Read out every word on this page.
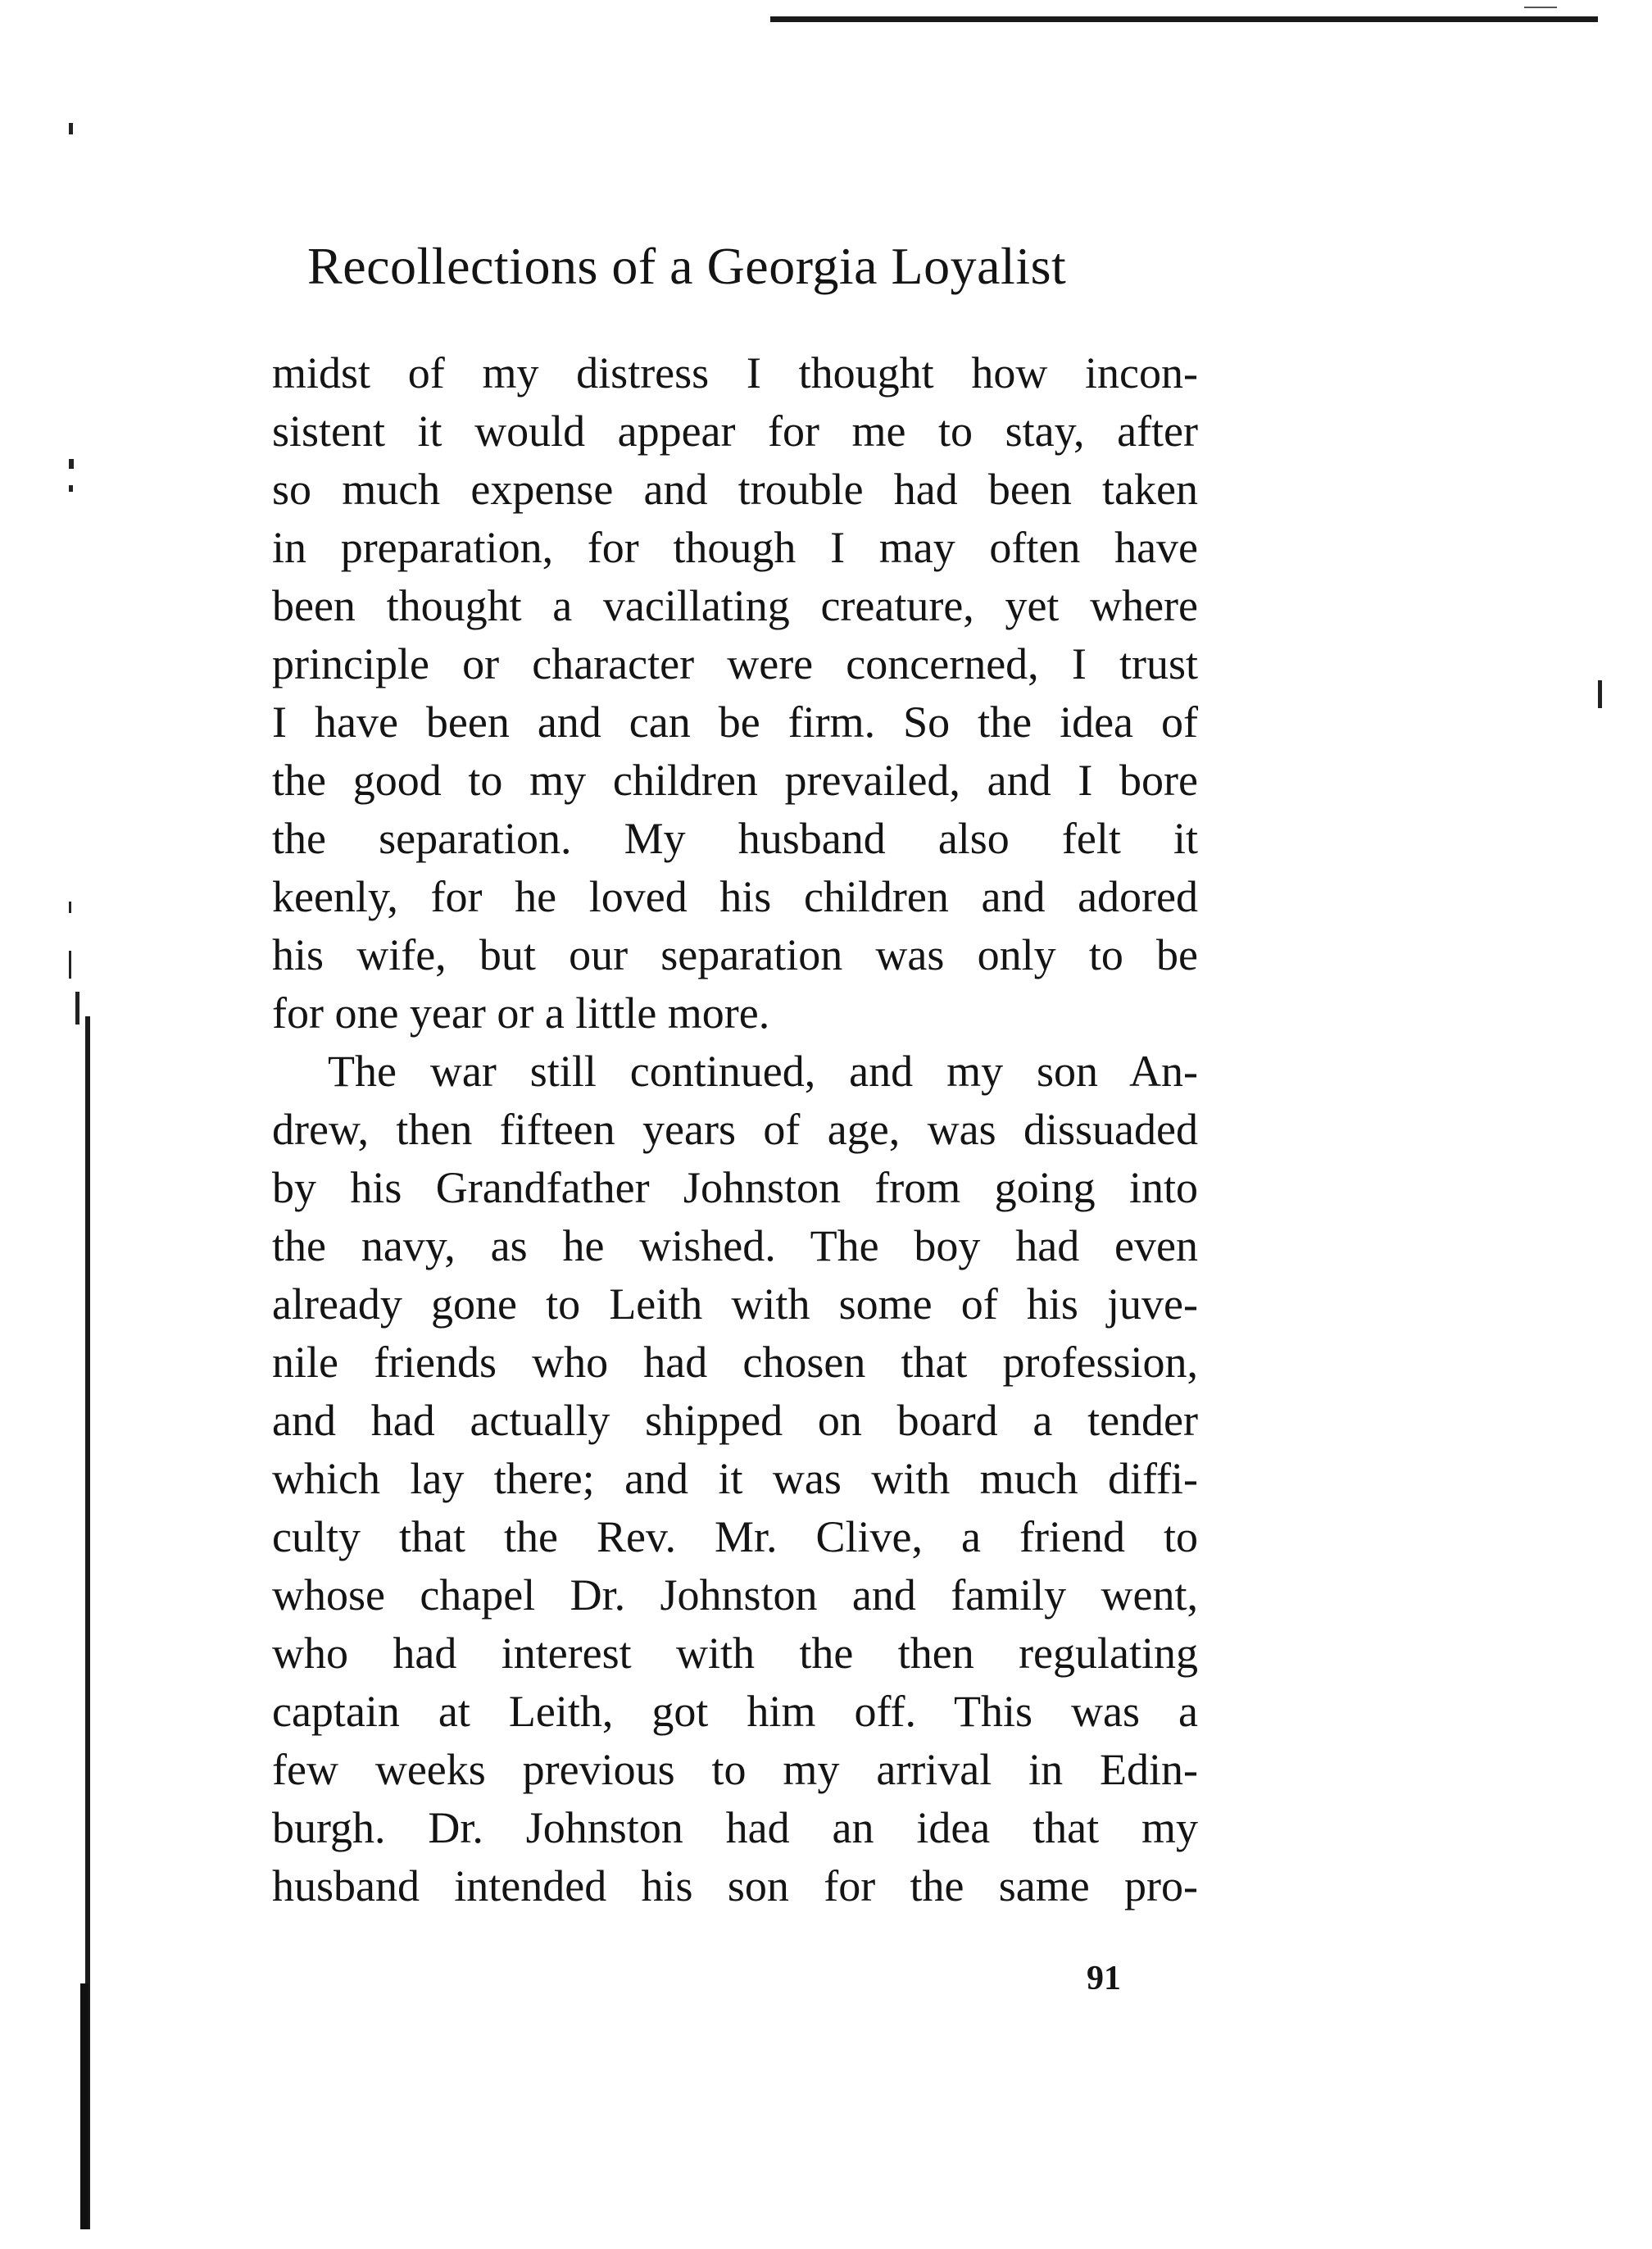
Recollections of a Georgia Loyalist
midst of my distress I thought how incon-
sistent it would appear for me to stay, after
so much expense and trouble had been taken
in preparation, for though I may often have
been thought a vacillating creature, yet where
principle or character were concerned, I trust
I have been and can be firm. So the idea of
the good to my children prevailed, and I bore
the separation. My husband also felt it
keenly, for he loved his children and adored
his wife, but our separation was only to be
for one year or a little more.
The war still continued, and my son An-
drew, then fifteen years of age, was dissuaded
by his Grandfather Johnston from going into
the navy, as he wished. The boy had even
already gone to Leith with some of his juve-
nile friends who had chosen that profession,
and had actually shipped on board a tender
which lay there; and it was with much diffi-
culty that the Rev. Mr. Clive, a friend to
whose chapel Dr. Johnston and family went,
who had interest with the then regulating
captain at Leith, got him off. This was a
few weeks previous to my arrival in Edin-
burgh. Dr. Johnston had an idea that my
husband intended his son for the same pro-
91
